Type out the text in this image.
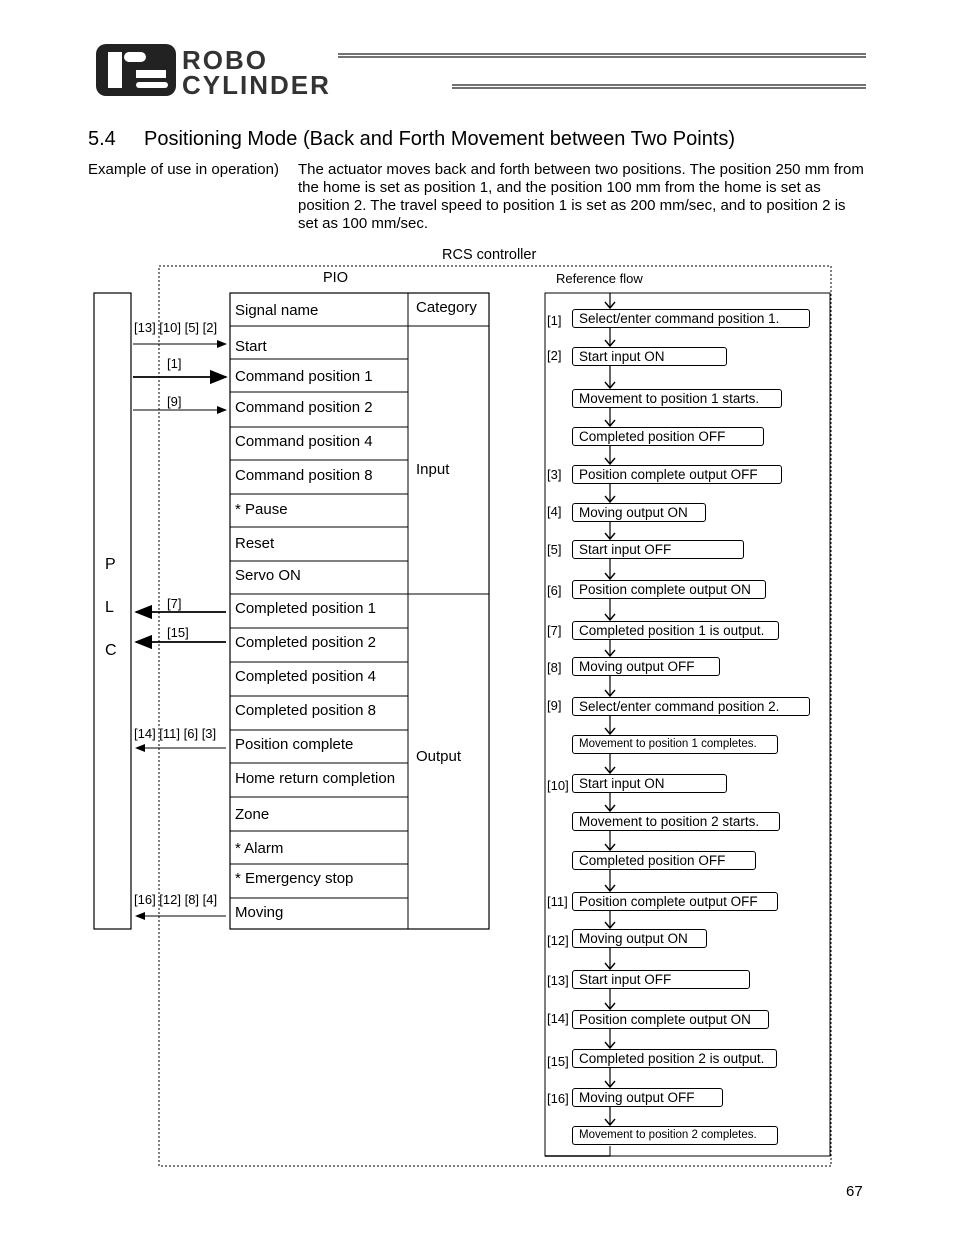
ROBO
CYLINDER
5.4 Positioning Mode (Back and Forth Movement between Two Points)
Example of use in operation) The actuator moves back and forth between two positions. The position 250 mm from the home is set as position 1, and the position 100 mm from the home is set as position 2. The travel speed to position 1 is set as 200 mm/sec, and to position 2 is set as 100 mm/sec.
RCS controller
PIO	Reference flow
P
L
C
Signal name	Category
Input
Output
Start
Command position 1
Command position 2
Command position 4
Command position 8
* Pause
Reset
Servo ON
Completed position 1
Completed position 2
Completed position 4
Completed position 8
Position complete
Home return completion
Zone
* Alarm
* Emergency stop
Moving
[13] [10] [5] [2]
[1]
[9]
[7]
[15]
[14] [11] [6] [3]
[16] [12] [8] [4]
Select/enter command position 1.
[1]
Start input ON
[2]
Movement to position 1 starts.
Completed position OFF
Position complete output OFF
[3]
Moving output ON
[4]
Start input OFF
[5]
Position complete output ON
[6]
Completed position 1 is output.
[7]
Moving output OFF
[8]
Select/enter command position 2.
[9]
Movement to position 1 completes.
Start input ON
[10]
Movement to position 2 starts.
Completed position OFF
Position complete output OFF
[11]
Moving output ON
[12]
Start input OFF
[13]
Position complete output ON
[14]
Completed position 2 is output.
[15]
Moving output OFF
[16]
Movement to position 2 completes.
67
